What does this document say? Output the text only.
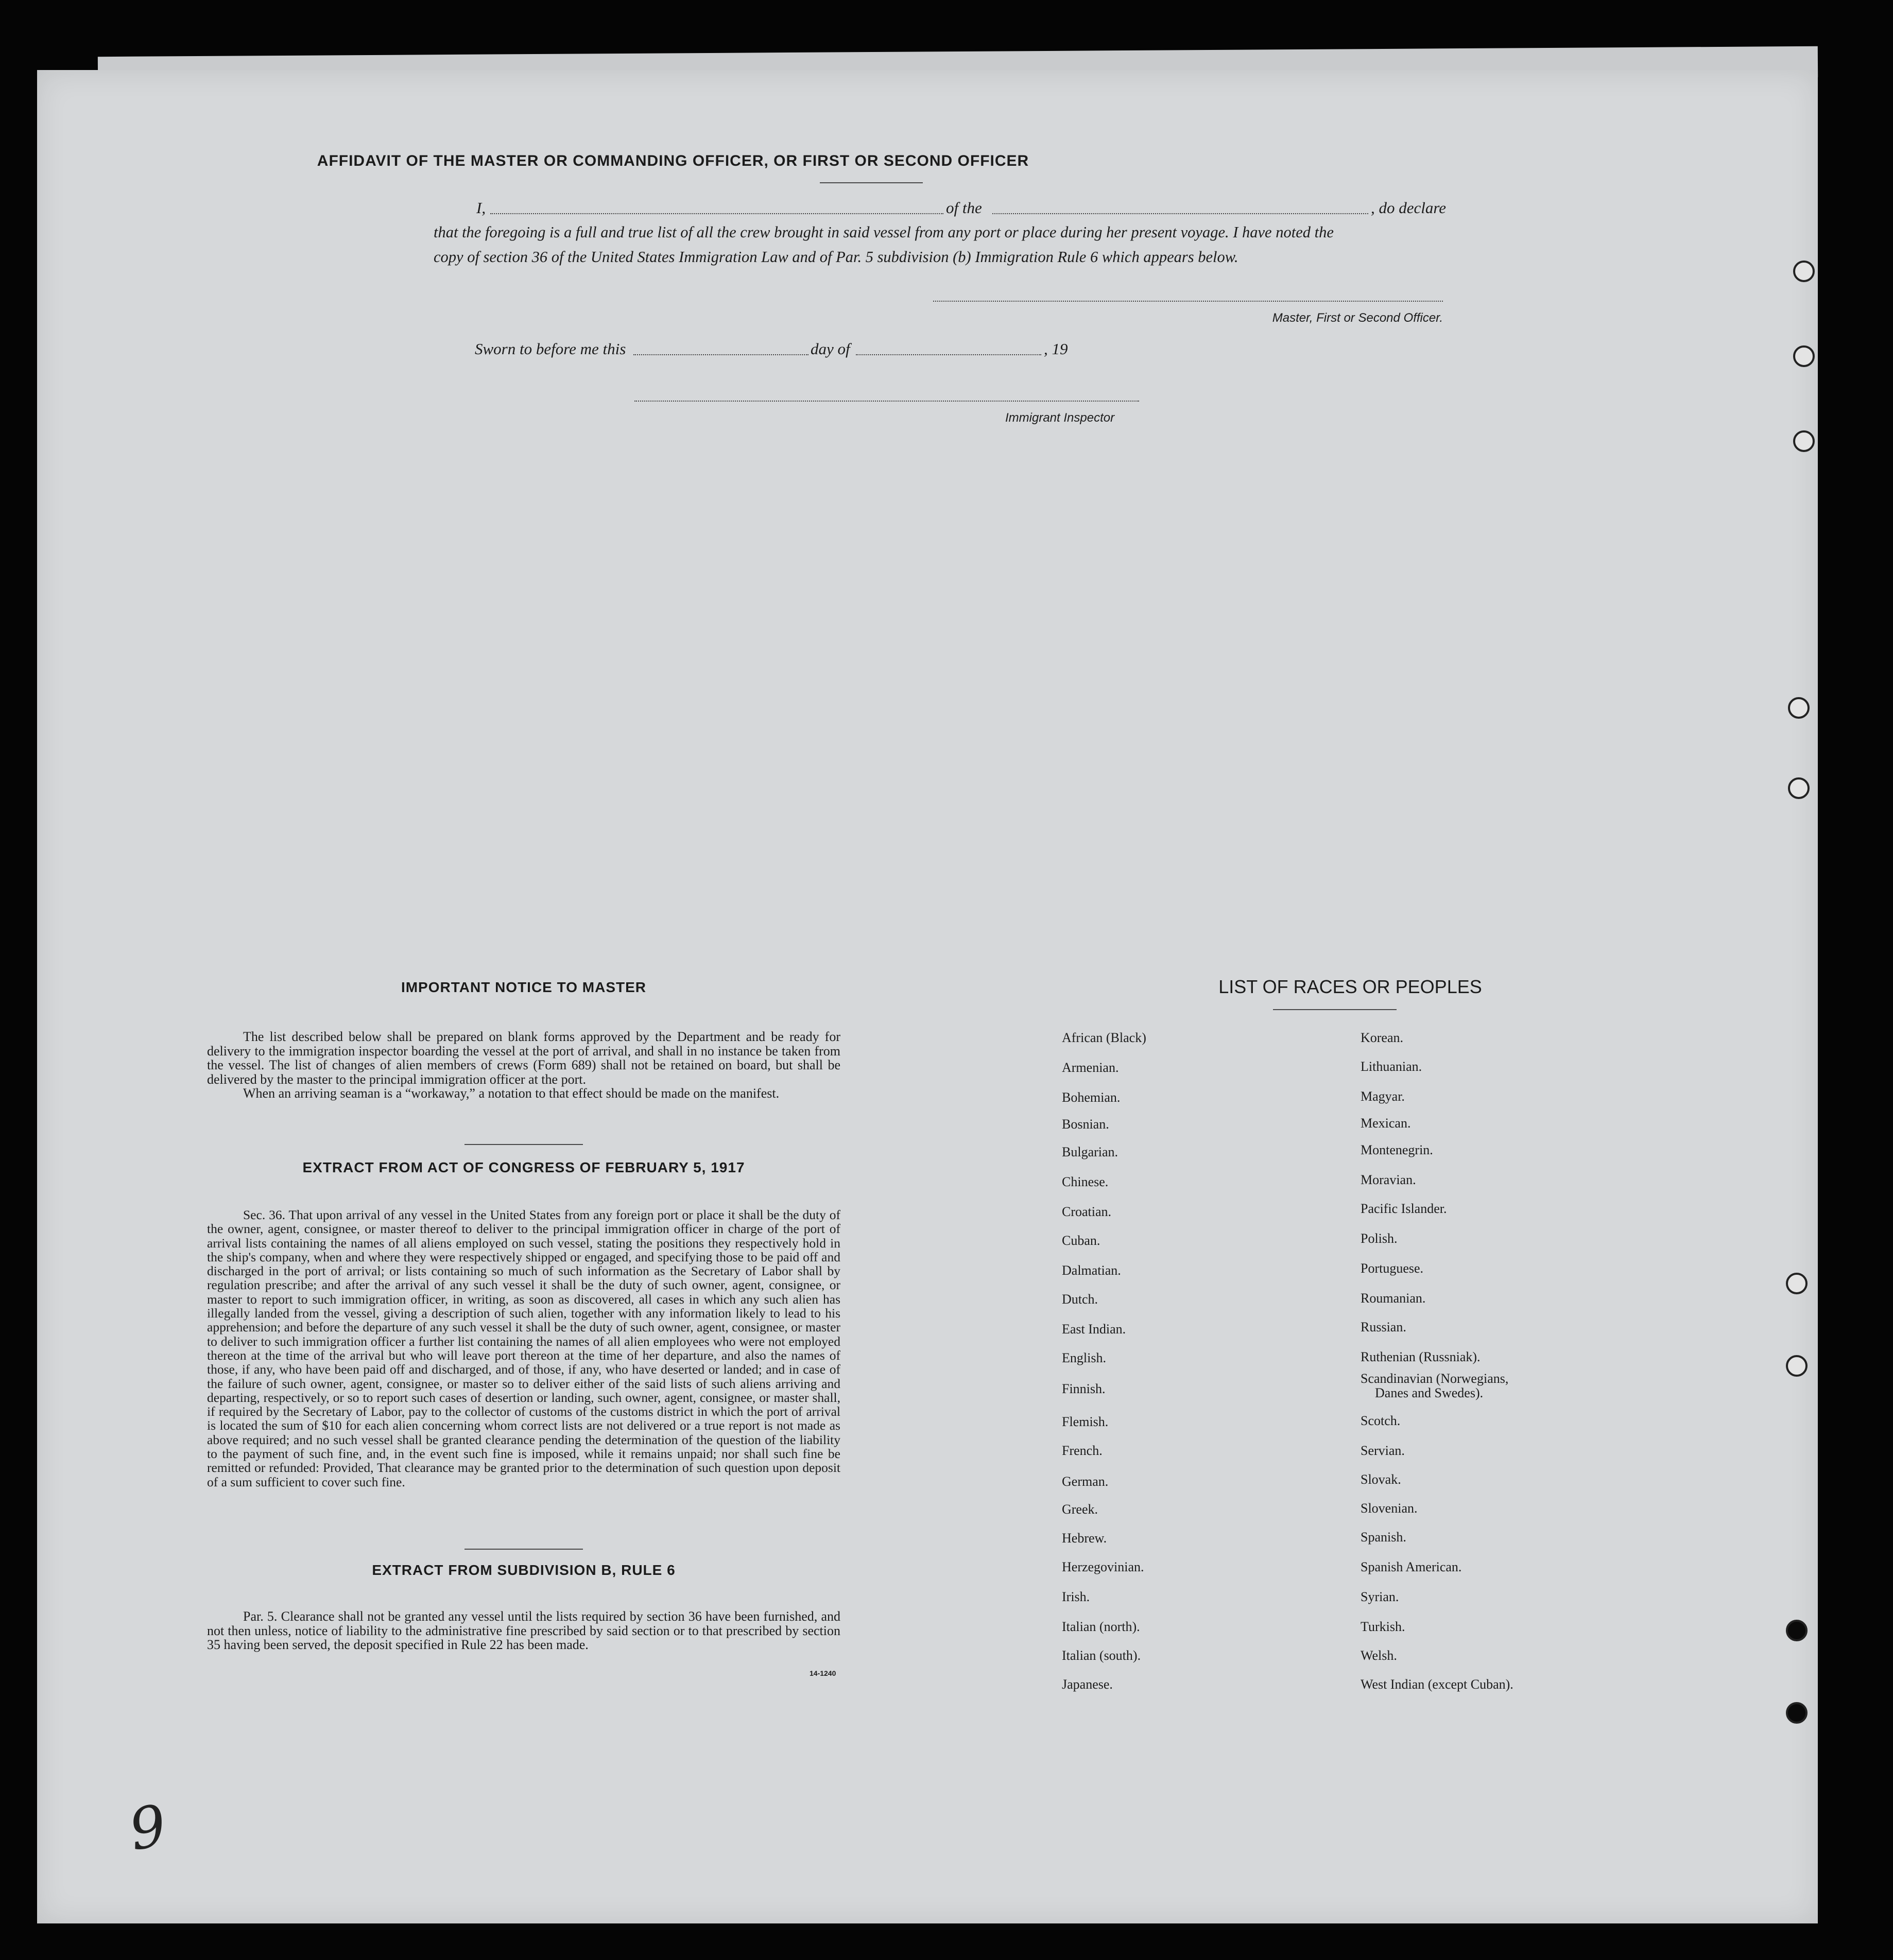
AFFIDAVIT OF THE MASTER OR COMMANDING OFFICER, OR FIRST OR SECOND OFFICER
I,	of the	, do declare
that the foregoing is a full and true list of all the crew brought in said vessel from any port or place during her present voyage. I have noted the
copy of section 36 of the United States Immigration Law and of Par. 5 subdivision (b) Immigration Rule 6 which appears below.
Master, First or Second Officer.
Sworn to before me this	day of	, 19
Immigrant Inspector
IMPORTANT NOTICE TO MASTER

The list described below shall be prepared on blank forms approved by the Department and be ready for delivery to the immigration inspector boarding the vessel at the port of arrival, and shall in no instance be taken from the vessel. The list of changes of alien members of crews (Form 689) shall not be retained on board, but shall be delivered by the master to the principal immigration officer at the port.

When an arriving seaman is a “workaway,” a notation to that effect should be made on the manifest.

EXTRACT FROM ACT OF CONGRESS OF FEBRUARY 5, 1917

Sec. 36. That upon arrival of any vessel in the United States from any foreign port or place it shall be the duty of the owner, agent, consignee, or master thereof to deliver to the principal immigration officer in charge of the port of arrival lists containing the names of all aliens employed on such vessel, stating the positions they respectively hold in the ship's company, when and where they were respectively shipped or engaged, and specifying those to be paid off and discharged in the port of arrival; or lists containing so much of such information as the Secretary of Labor shall by regulation prescribe; and after the arrival of any such vessel it shall be the duty of such owner, agent, consignee, or master to report to such immigration officer, in writing, as soon as discovered, all cases in which any such alien has illegally landed from the vessel, giving a description of such alien, together with any information likely to lead to his apprehension; and before the departure of any such vessel it shall be the duty of such owner, agent, consignee, or master to deliver to such immigration officer a further list containing the names of all alien employees who were not employed thereon at the time of the arrival but who will leave port thereon at the time of her departure, and also the names of those, if any, who have been paid off and discharged, and of those, if any, who have deserted or landed; and in case of the failure of such owner, agent, consignee, or master so to deliver either of the said lists of such aliens arriving and departing, respectively, or so to report such cases of desertion or landing, such owner, agent, consignee, or master shall, if required by the Secretary of Labor, pay to the collector of customs of the customs district in which the port of arrival is located the sum of $10 for each alien concerning whom correct lists are not delivered or a true report is not made as above required; and no such vessel shall be granted clearance pending the determination of the question of the liability to the payment of such fine, and, in the event such fine is imposed, while it remains unpaid; nor shall such fine be remitted or refunded: Provided, That clearance may be granted prior to the determination of such question upon deposit of a sum sufficient to cover such fine.

EXTRACT FROM SUBDIVISION B, RULE 6

Par. 5. Clearance shall not be granted any vessel until the lists required by section 36 have been furnished, and not then unless, notice of liability to the administrative fine prescribed by said section or to that prescribed by section 35 having been served, the deposit specified in Rule 22 has been made.

14-1240
LIST OF RACES OR PEOPLES
9
African (Black)
Armenian.
Bohemian.
Bosnian.
Bulgarian.
Chinese.
Croatian.
Cuban.
Dalmatian.
Dutch.
East Indian.
English.
Finnish.
Flemish.
French.
German.
Greek.
Hebrew.
Herzegovinian.
Irish.
Italian (north).
Italian (south).
Japanese.
Korean.
Lithuanian.
Magyar.
Mexican.
Montenegrin.
Moravian.
Pacific Islander.
Polish.
Portuguese.
Roumanian.
Russian.
Ruthenian (Russniak).
Scandinavian (Norwegians,
Danes and Swedes).
Scotch.
Servian.
Slovak.
Slovenian.
Spanish.
Spanish American.
Syrian.
Turkish.
Welsh.
West Indian (except Cuban).
